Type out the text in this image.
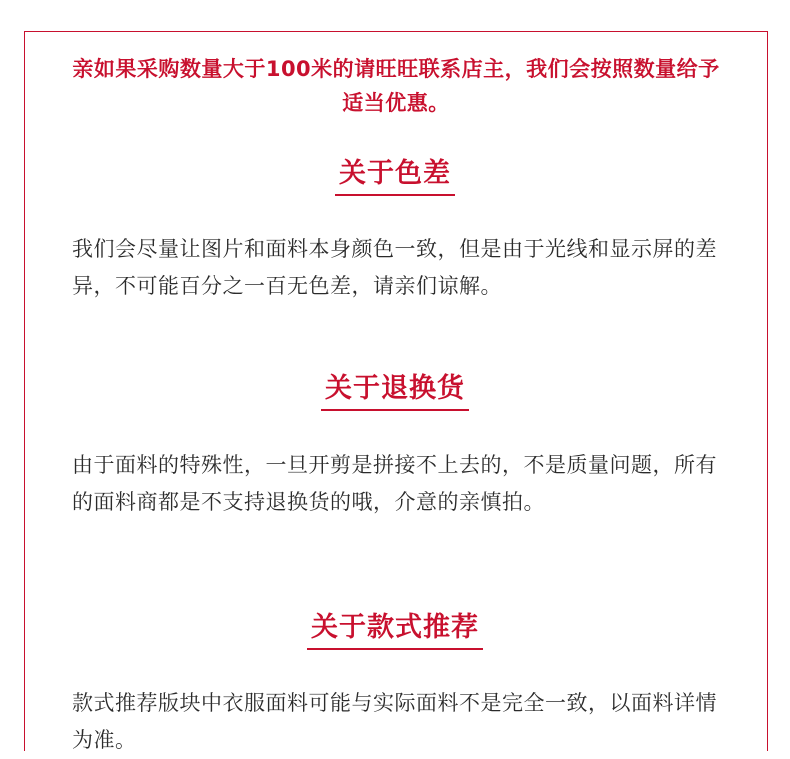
亲如果采购数量大于100米的请旺旺联系店主，我们会按照数量给予适当优惠。
关于色差
我们会尽量让图片和面料本身颜色一致，但是由于光线和显示屏的差异，不可能百分之一百无色差，请亲们谅解。
关于退换货
由于面料的特殊性，一旦开剪是拼接不上去的，不是质量问题，所有的面料商都是不支持退换货的哦，介意的亲慎拍。
关于款式推荐
款式推荐版块中衣服面料可能与实际面料不是完全一致，以面料详情为准。
